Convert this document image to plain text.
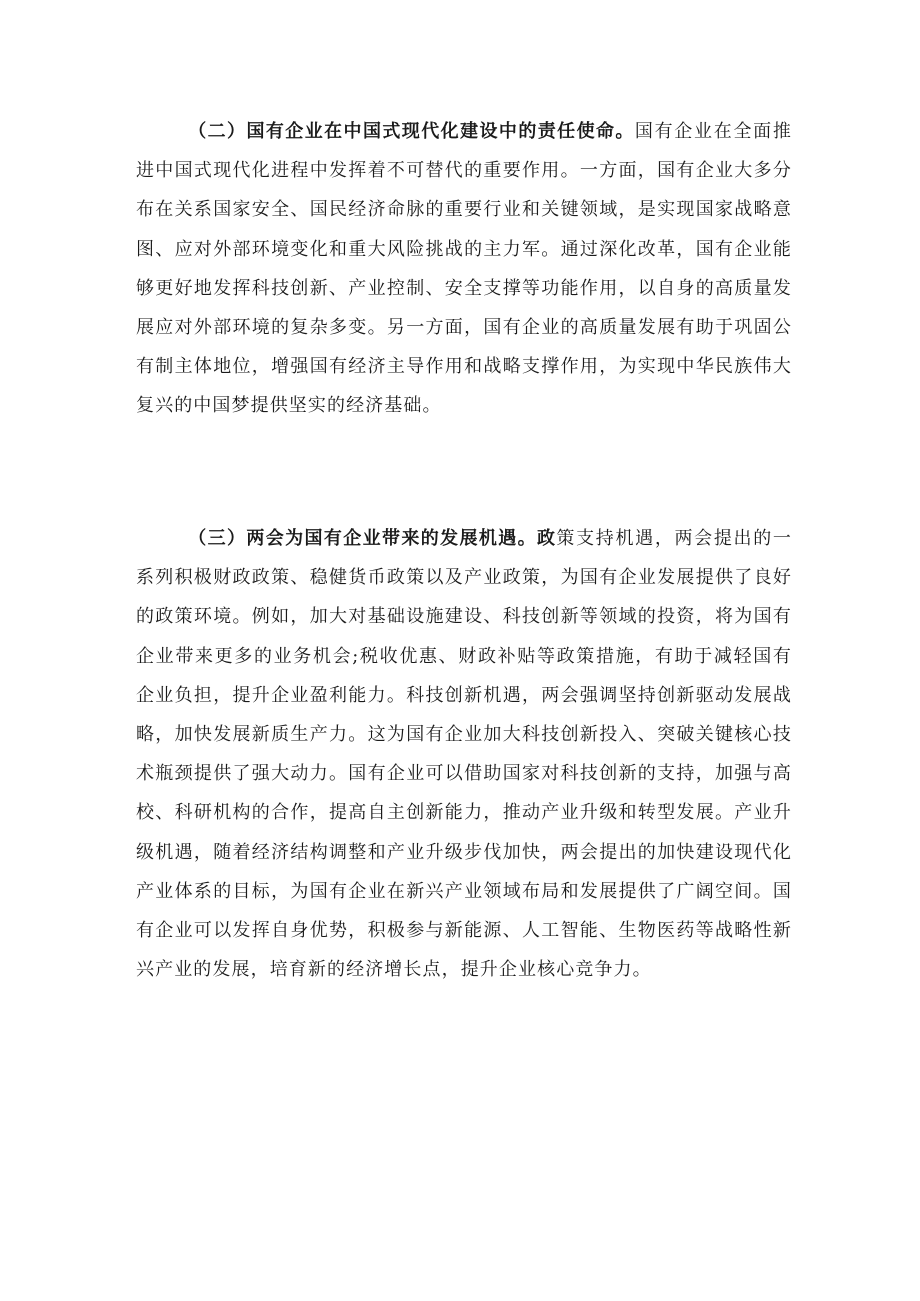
（二）国有企业在中国式现代化建设中的责任使命。国有企业在全面推进中国式现代化进程中发挥着不可替代的重要作用。一方面，国有企业大多分布在关系国家安全、国民经济命脉的重要行业和关键领域，是实现国家战略意图、应对外部环境变化和重大风险挑战的主力军。通过深化改革，国有企业能够更好地发挥科技创新、产业控制、安全支撑等功能作用，以自身的高质量发展应对外部环境的复杂多变。另一方面，国有企业的高质量发展有助于巩固公有制主体地位，增强国有经济主导作用和战略支撑作用，为实现中华民族伟大复兴的中国梦提供坚实的经济基础。

（三）两会为国有企业带来的发展机遇。政策支持机遇，两会提出的一系列积极财政政策、稳健货币政策以及产业政策，为国有企业发展提供了良好的政策环境。例如，加大对基础设施建设、科技创新等领域的投资，将为国有企业带来更多的业务机会;税收优惠、财政补贴等政策措施，有助于减轻国有企业负担，提升企业盈利能力。科技创新机遇，两会强调坚持创新驱动发展战略，加快发展新质生产力。这为国有企业加大科技创新投入、突破关键核心技术瓶颈提供了强大动力。国有企业可以借助国家对科技创新的支持，加强与高校、科研机构的合作，提高自主创新能力，推动产业升级和转型发展。产业升级机遇，随着经济结构调整和产业升级步伐加快，两会提出的加快建设现代化产业体系的目标，为国有企业在新兴产业领域布局和发展提供了广阔空间。国有企业可以发挥自身优势，积极参与新能源、人工智能、生物医药等战略性新兴产业的发展，培育新的经济增长点，提升企业核心竞争力。
